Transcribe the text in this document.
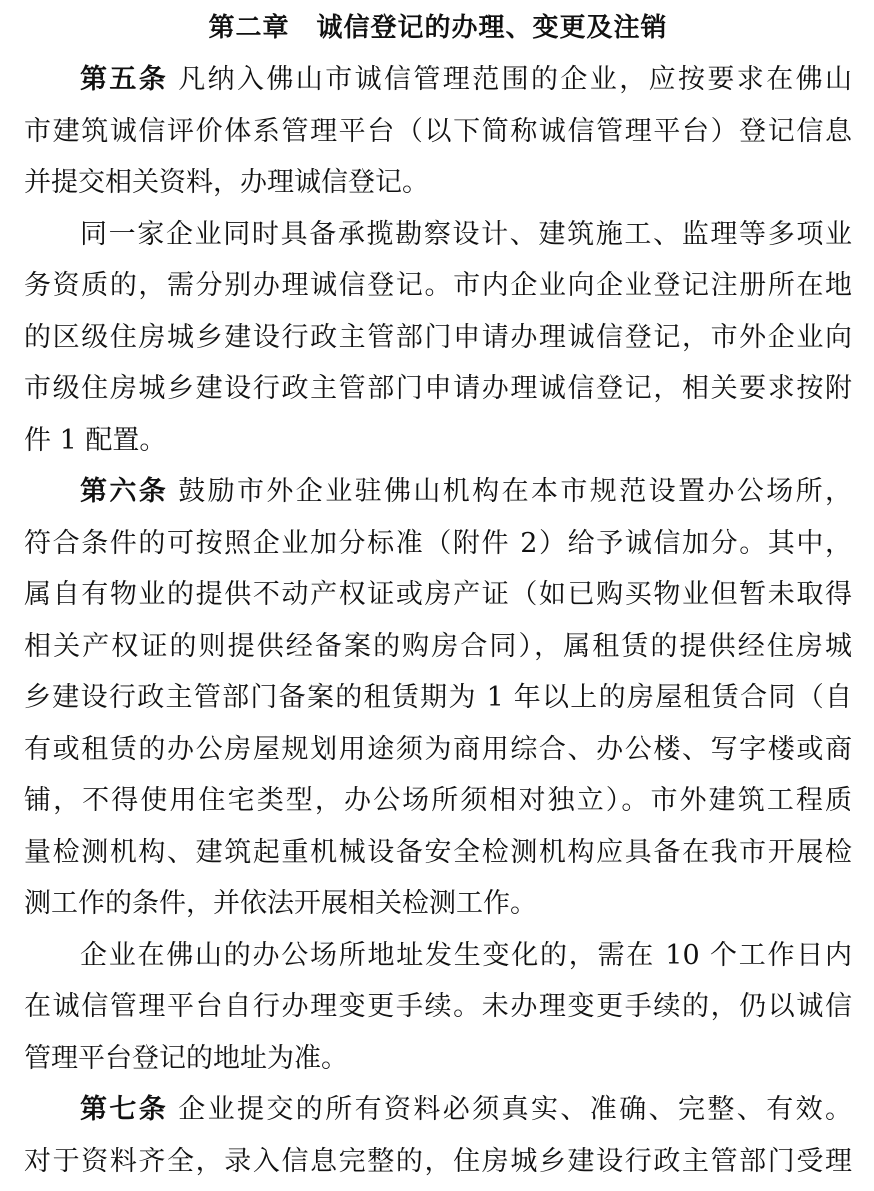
第二章　诚信登记的办理、变更及注销
第五条 凡纳入佛山市诚信管理范围的企业，应按要求在佛山
市建筑诚信评价体系管理平台（以下简称诚信管理平台）登记信息
并提交相关资料，办理诚信登记。
同一家企业同时具备承揽勘察设计、建筑施工、监理等多项业
务资质的，需分别办理诚信登记。市内企业向企业登记注册所在地
的区级住房城乡建设行政主管部门申请办理诚信登记，市外企业向
市级住房城乡建设行政主管部门申请办理诚信登记，相关要求按附
件 1 配置。
第六条 鼓励市外企业驻佛山机构在本市规范设置办公场所，
符合条件的可按照企业加分标准（附件 2）给予诚信加分。其中，
属自有物业的提供不动产权证或房产证（如已购买物业但暂未取得
相关产权证的则提供经备案的购房合同），属租赁的提供经住房城
乡建设行政主管部门备案的租赁期为 1 年以上的房屋租赁合同（自
有或租赁的办公房屋规划用途须为商用综合、办公楼、写字楼或商
铺，不得使用住宅类型，办公场所须相对独立）。市外建筑工程质
量检测机构、建筑起重机械设备安全检测机构应具备在我市开展检
测工作的条件，并依法开展相关检测工作。
企业在佛山的办公场所地址发生变化的，需在 10 个工作日内
在诚信管理平台自行办理变更手续。未办理变更手续的，仍以诚信
管理平台登记的地址为准。
第七条 企业提交的所有资料必须真实、准确、完整、有效。
对于资料齐全，录入信息完整的，住房城乡建设行政主管部门受理
